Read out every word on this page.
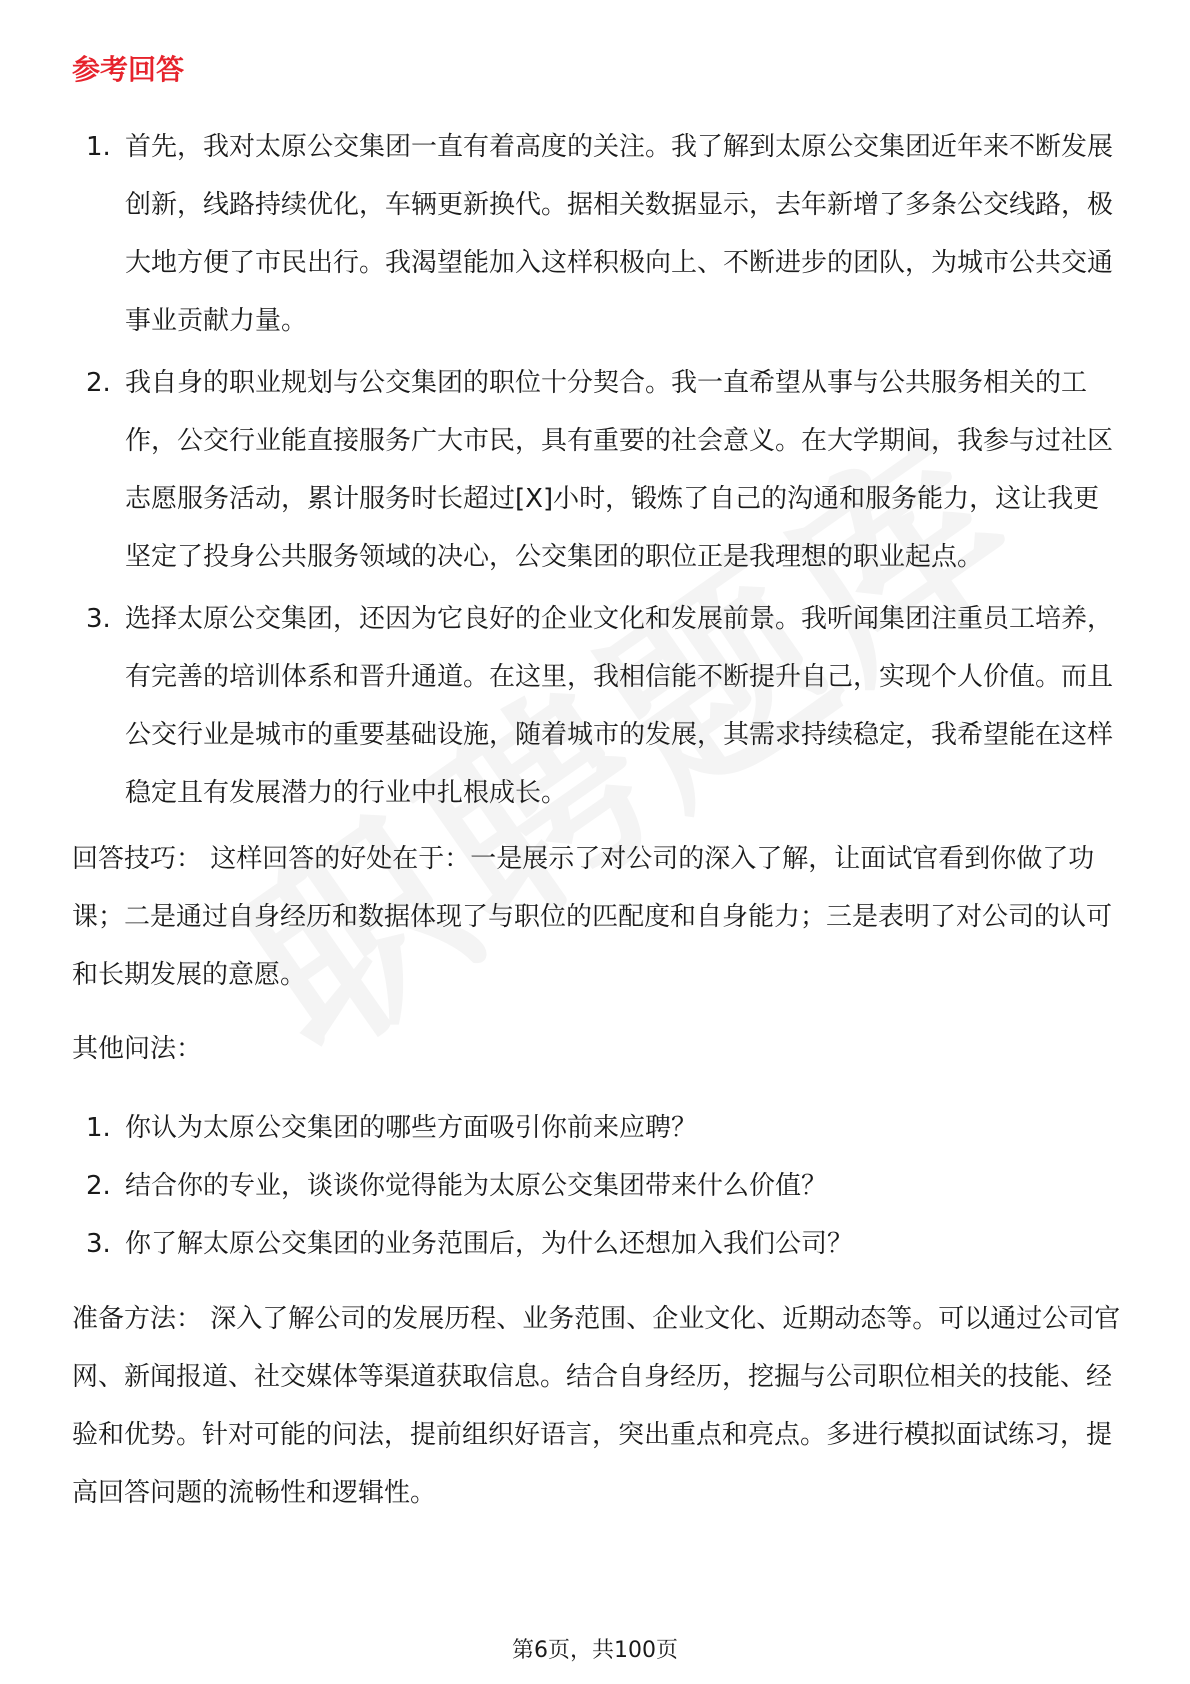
参考回答
1. 首先，我对太原公交集团一直有着高度的关注。我了解到太原公交集团近年来不断发展创新，线路持续优化，车辆更新换代。据相关数据显示，去年新增了多条公交线路，极大地方便了市民出行。我渴望能加入这样积极向上、不断进步的团队，为城市公共交通事业贡献力量。
2. 我自身的职业规划与公交集团的职位十分契合。我一直希望从事与公共服务相关的工作，公交行业能直接服务广大市民，具有重要的社会意义。在大学期间，我参与过社区志愿服务活动，累计服务时长超过[X]小时，锻炼了自己的沟通和服务能力，这让我更坚定了投身公共服务领域的决心，公交集团的职位正是我理想的职业起点。
3. 选择太原公交集团，还因为它良好的企业文化和发展前景。我听闻集团注重员工培养，有完善的培训体系和晋升通道。在这里，我相信能不断提升自己，实现个人价值。而且公交行业是城市的重要基础设施，随着城市的发展，其需求持续稳定，我希望能在这样稳定且有发展潜力的行业中扎根成长。

回答技巧： 这样回答的好处在于：一是展示了对公司的深入了解，让面试官看到你做了功课；二是通过自身经历和数据体现了与职位的匹配度和自身能力；三是表明了对公司的认可和长期发展的意愿。

其他问法：

1. 你认为太原公交集团的哪些方面吸引你前来应聘？
2. 结合你的专业，谈谈你觉得能为太原公交集团带来什么价值？
3. 你了解太原公交集团的业务范围后，为什么还想加入我们公司？

准备方法： 深入了解公司的发展历程、业务范围、企业文化、近期动态等。可以通过公司官网、新闻报道、社交媒体等渠道获取信息。结合自身经历，挖掘与公司职位相关的技能、经验和优势。针对可能的问法，提前组织好语言，突出重点和亮点。多进行模拟面试练习，提高回答问题的流畅性和逻辑性。

第6页，共100页
